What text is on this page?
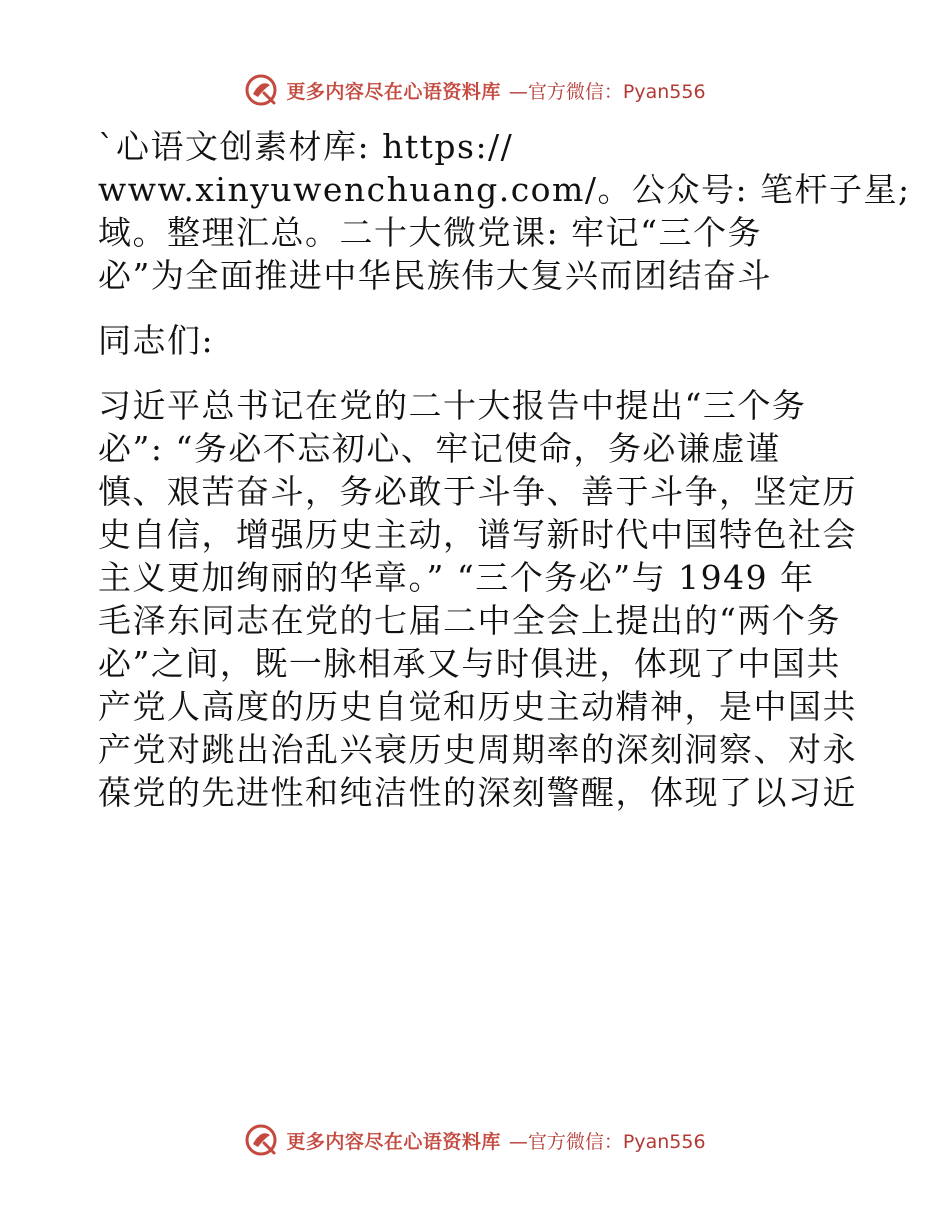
更多内容尽在心语资料库 —官方微信：Pyan556
`心语文创素材库: https://
www.xinyuwenchuang.com/。公众号: 笔杆子星;
域。整理汇总。二十大微党课: 牢记“三个务
必”为全面推进中华民族伟大复兴而团结奋斗
同志们:
习近平总书记在党的二十大报告中提出“三个务
必”: “务必不忘初心、牢记使命，务必谦虚谨
慎、艰苦奋斗，务必敢于斗争、善于斗争，坚定历
史自信，增强历史主动，谱写新时代中国特色社会
主义更加绚丽的华章。” “三个务必”与 1949 年
毛泽东同志在党的七届二中全会上提出的“两个务
必”之间，既一脉相承又与时俱进，体现了中国共
产党人高度的历史自觉和历史主动精神，是中国共
产党对跳出治乱兴衰历史周期率的深刻洞察、对永
葆党的先进性和纯洁性的深刻警醒，体现了以习近
更多内容尽在心语资料库 —官方微信：Pyan556
